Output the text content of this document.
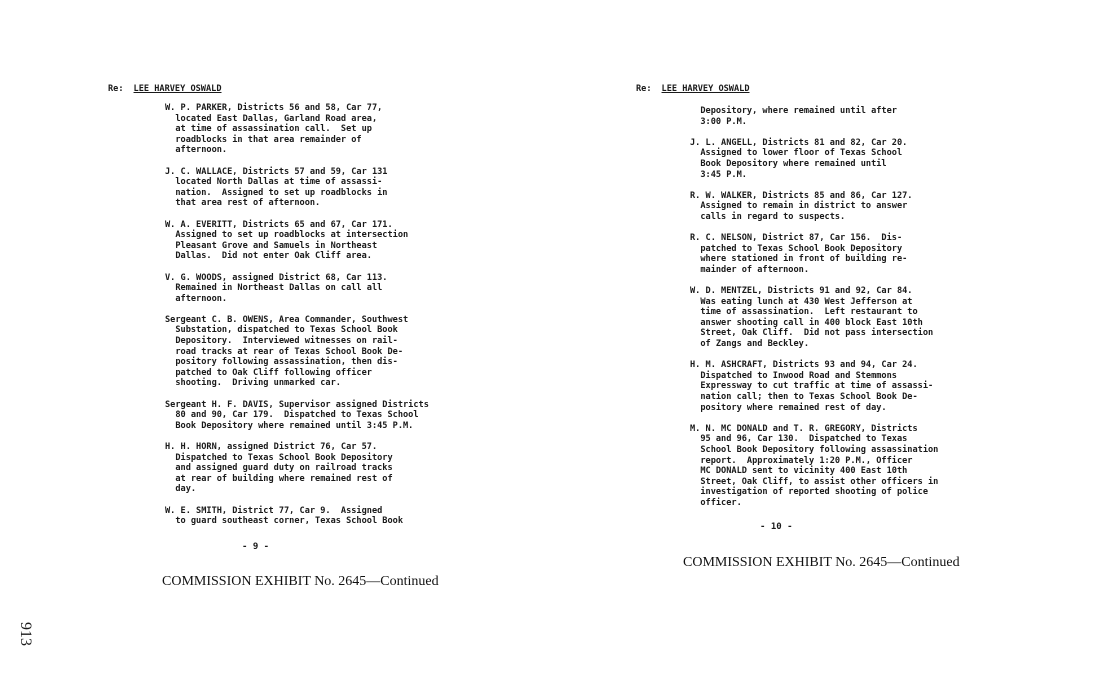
Re: LEE HARVEY OSWALD
W. P. PARKER, Districts 56 and 58, Car 77,
located East Dallas, Garland Road area,
at time of assassination call.  Set up
roadblocks in that area remainder of
afternoon.
J. C. WALLACE, Districts 57 and 59, Car 131
located North Dallas at time of assassi-
nation.  Assigned to set up roadblocks in
that area rest of afternoon.
W. A. EVERITT, Districts 65 and 67, Car 171.
Assigned to set up roadblocks at intersection
Pleasant Grove and Samuels in Northeast
Dallas.  Did not enter Oak Cliff area.
V. G. WOODS, assigned District 68, Car 113.
Remained in Northeast Dallas on call all
afternoon.
Sergeant C. B. OWENS, Area Commander, Southwest
Substation, dispatched to Texas School Book
Depository.  Interviewed witnesses on rail-
road tracks at rear of Texas School Book De-
pository following assassination, then dis-
patched to Oak Cliff following officer
shooting.  Driving unmarked car.
Sergeant H. F. DAVIS, Supervisor assigned Districts
80 and 90, Car 179.  Dispatched to Texas School
Book Depository where remained until 3:45 P.M.
H. H. HORN, assigned District 76, Car 57.
Dispatched to Texas School Book Depository
and assigned guard duty on railroad tracks
at rear of building where remained rest of
day.
W. E. SMITH, District 77, Car 9.  Assigned
to guard southeast corner, Texas School Book
- 9 -
COMMISSION EXHIBIT No. 2645—Continued
Re: LEE HARVEY OSWALD
Depository, where remained until after
3:00 P.M.
J. L. ANGELL, Districts 81 and 82, Car 20.
Assigned to lower floor of Texas School
Book Depository where remained until
3:45 P.M.
R. W. WALKER, Districts 85 and 86, Car 127.
Assigned to remain in district to answer
calls in regard to suspects.
R. C. NELSON, District 87, Car 156.  Dis-
patched to Texas School Book Depository
where stationed in front of building re-
mainder of afternoon.
W. D. MENTZEL, Districts 91 and 92, Car 84.
Was eating lunch at 430 West Jefferson at
time of assassination.  Left restaurant to
answer shooting call in 400 block East 10th
Street, Oak Cliff.  Did not pass intersection
of Zangs and Beckley.
H. M. ASHCRAFT, Districts 93 and 94, Car 24.
Dispatched to Inwood Road and Stemmons
Expressway to cut traffic at time of assassi-
nation call; then to Texas School Book De-
pository where remained rest of day.
M. N. MC DONALD and T. R. GREGORY, Districts
95 and 96, Car 130.  Dispatched to Texas
School Book Depository following assassination
report.  Approximately 1:20 P.M., Officer
MC DONALD sent to vicinity 400 East 10th
Street, Oak Cliff, to assist other officers in
investigation of reported shooting of police
officer.
- 10 -
COMMISSION EXHIBIT No. 2645—Continued
913
